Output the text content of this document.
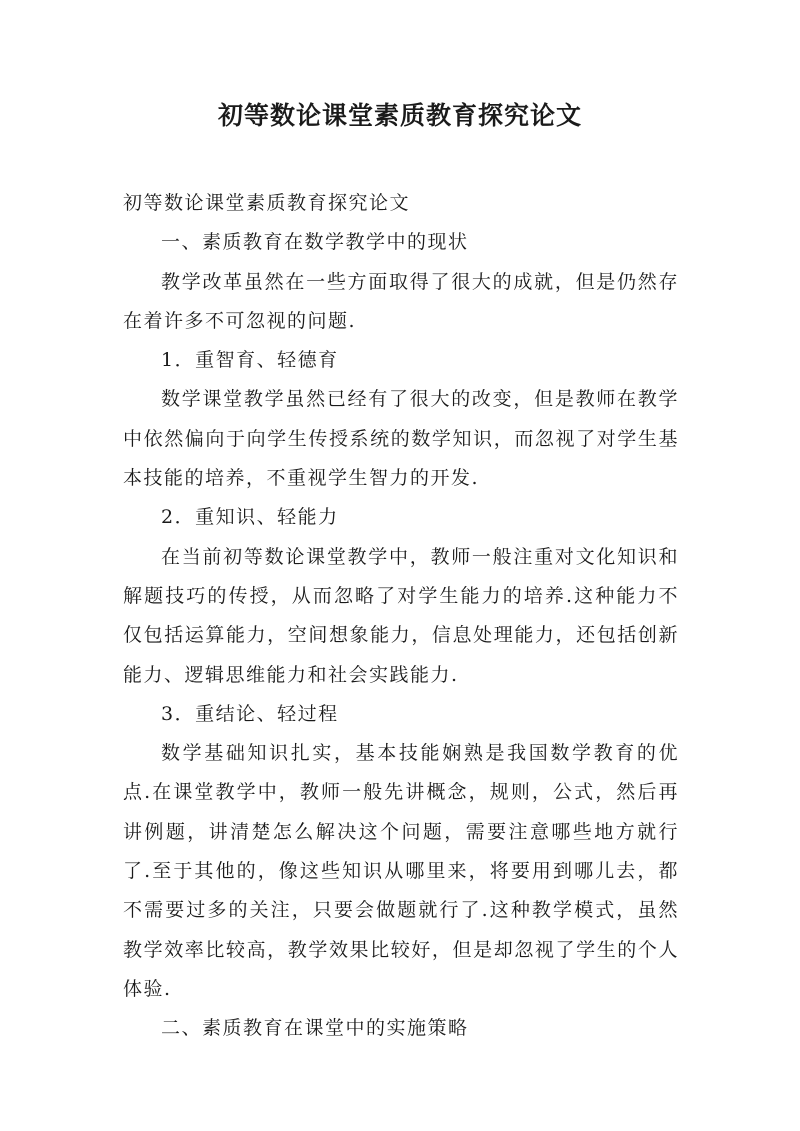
初等数论课堂素质教育探究论文

初等数论课堂素质教育探究论文

一、素质教育在数学教学中的现状

教学改革虽然在一些方面取得了很大的成就，但是仍然存在着许多不可忽视的问题.

1．重智育、轻德育

数学课堂教学虽然已经有了很大的改变，但是教师在教学中依然偏向于向学生传授系统的数学知识，而忽视了对学生基本技能的培养，不重视学生智力的开发.

2．重知识、轻能力

在当前初等数论课堂教学中，教师一般注重对文化知识和解题技巧的传授，从而忽略了对学生能力的培养.这种能力不仅包括运算能力，空间想象能力，信息处理能力，还包括创新能力、逻辑思维能力和社会实践能力.

3．重结论、轻过程

数学基础知识扎实，基本技能娴熟是我国数学教育的优点.在课堂教学中，教师一般先讲概念，规则，公式，然后再讲例题，讲清楚怎么解决这个问题，需要注意哪些地方就行了.至于其他的，像这些知识从哪里来，将要用到哪儿去，都不需要过多的关注，只要会做题就行了.这种教学模式，虽然教学效率比较高，教学效果比较好，但是却忽视了学生的个人体验.

二、素质教育在课堂中的实施策略
